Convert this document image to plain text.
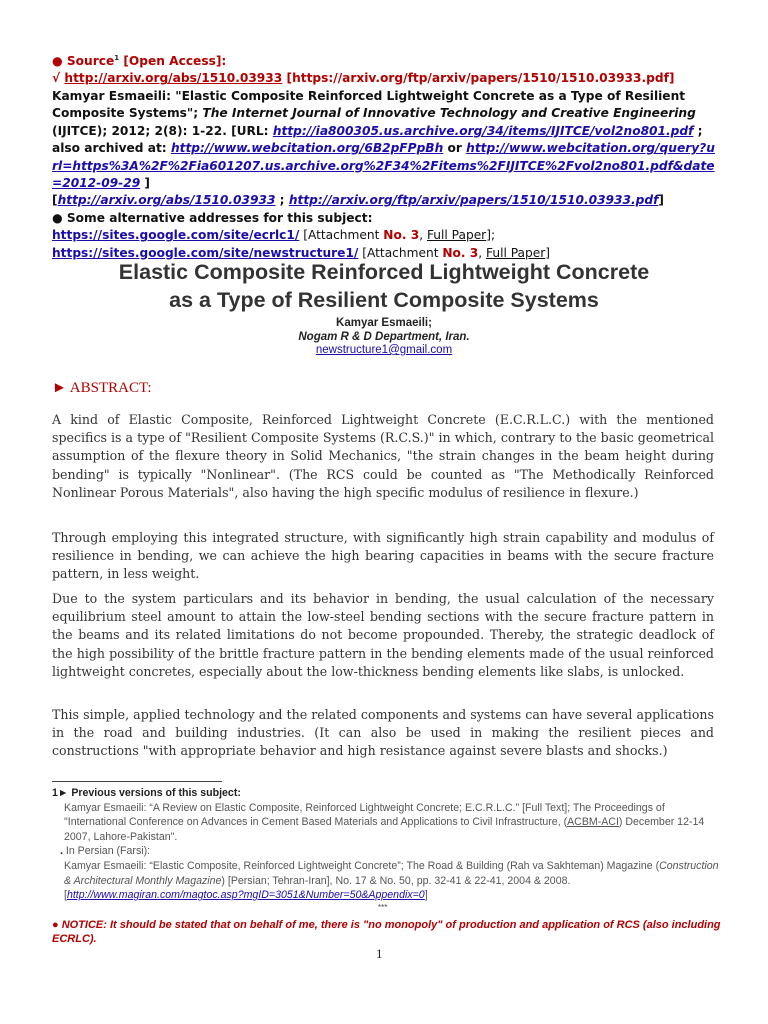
● Source$^1$ [Open Access]:
√ http://arxiv.org/abs/1510.03933 [https://arxiv.org/ftp/arxiv/papers/1510/1510.03933.pdf]
Kamyar Esmaeili: "Elastic Composite Reinforced Lightweight Concrete as a Type of Resilient Composite Systems"; The Internet Journal of Innovative Technology and Creative Engineering (IJITCE); 2012; 2(8): 1-22. [URL: http://ia800305.us.archive.org/34/items/IJITCE/vol2no801.pdf ; also archived at: http://www.webcitation.org/6B2pFPpBh or http://www.webcitation.org/query?url=https%3A%2F%2Fia601207.us.archive.org%2F34%2Fitems%2FIJITCE%2Fvol2no801.pdf&date=2012-09-29 ]
[http://arxiv.org/abs/1510.03933 ; http://arxiv.org/ftp/arxiv/papers/1510/1510.03933.pdf]
● Some alternative addresses for this subject:
https://sites.google.com/site/ecrlc1/ [Attachment No. 3, Full Paper];
https://sites.google.com/site/newstructure1/ [Attachment No. 3, Full Paper]
Elastic Composite Reinforced Lightweight Concrete
as a Type of Resilient Composite Systems
Kamyar Esmaeili;
Nogam R & D Department, Iran.
newstructure1@gmail.com
► ABSTRACT:
A kind of Elastic Composite, Reinforced Lightweight Concrete (E.C.R.L.C.) with the mentioned specifics is a type of "Resilient Composite Systems (R.C.S.)" in which, contrary to the basic geometrical assumption of the flexure theory in Solid Mechanics, "the strain changes in the beam height during bending" is typically "Nonlinear". (The RCS could be counted as "The Methodically Reinforced Nonlinear Porous Materials", also having the high specific modulus of resilience in flexure.)
Through employing this integrated structure, with significantly high strain capability and modulus of resilience in bending, we can achieve the high bearing capacities in beams with the secure fracture pattern, in less weight.
Due to the system particulars and its behavior in bending, the usual calculation of the necessary equilibrium steel amount to attain the low-steel bending sections with the secure fracture pattern in the beams and its related limitations do not become propounded. Thereby, the strategic deadlock of the high possibility of the brittle fracture pattern in the bending elements made of the usual reinforced lightweight concretes, especially about the low-thickness bending elements like slabs, is unlocked.
This simple, applied technology and the related components and systems can have several applications in the road and building industries. (It can also be used in making the resilient pieces and constructions "with appropriate behavior and high resistance against severe blasts and shocks.)
1► Previous versions of this subject:
Kamyar Esmaeili: “A Review on Elastic Composite, Reinforced Lightweight Concrete; E.C.R.L.C.” [Full Text]; The Proceedings of "International Conference on Advances in Cement Based Materials and Applications to Civil Infrastructure, (ACBM-ACI) December 12-14 2007, Lahore-Pakistan".
. In Persian (Farsi):
Kamyar Esmaeili: “Elastic Composite, Reinforced Lightweight Concrete”; The Road & Building (Rah va Sakhteman) Magazine (Construction & Architectural Monthly Magazine) [Persian; Tehran-Iran], No. 17 & No. 50, pp. 32-41 & 22-41, 2004 & 2008. [http://www.magiran.com/magtoc.asp?mgID=3051&Number=50&Appendix=0]
***
● NOTICE: It should be stated that on behalf of me, there is "no monopoly" of production and application of RCS (also including ECRLC).
1
